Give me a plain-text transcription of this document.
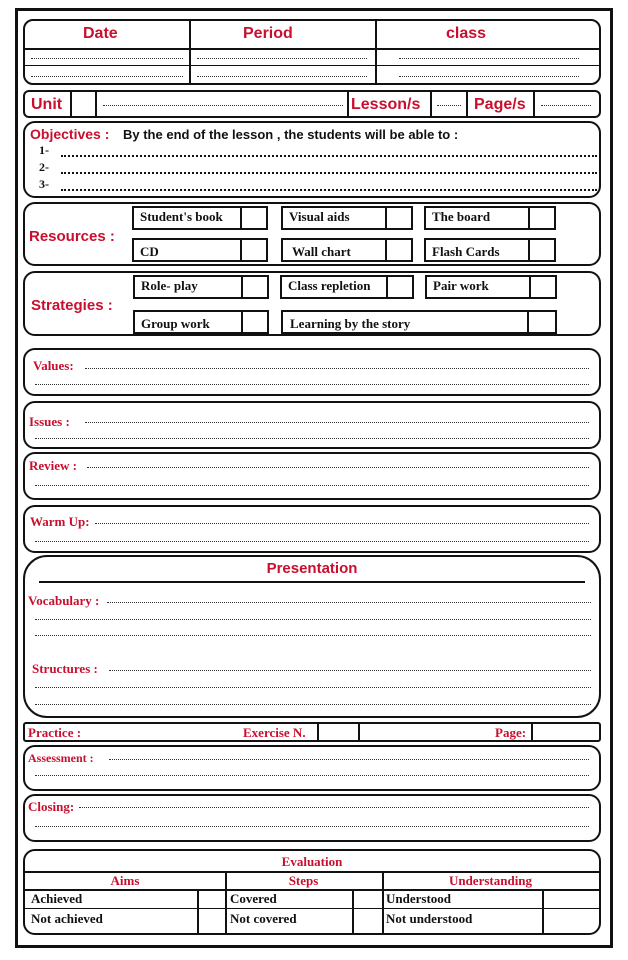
Date	Period	class
Unit	Lesson/s	Page/s
Objectives : By the end of the lesson , the students will be able to :
1-
2-
3-
Resources :
Student's book	Visual aids	The board
CD	Wall chart	Flash Cards
Strategies :
Role- play	Class repletion	Pair work
Group work	Learning by the story
Values:
Issues :
Review :
Warm Up:
Presentation
Vocabulary :
Structures :
Practice :	Exercise N.	Page:
Assessment :
Closing:
Evaluation
Aims	Steps	Understanding
Achieved	Covered	Understood
Not achieved	Not covered	Not understood
